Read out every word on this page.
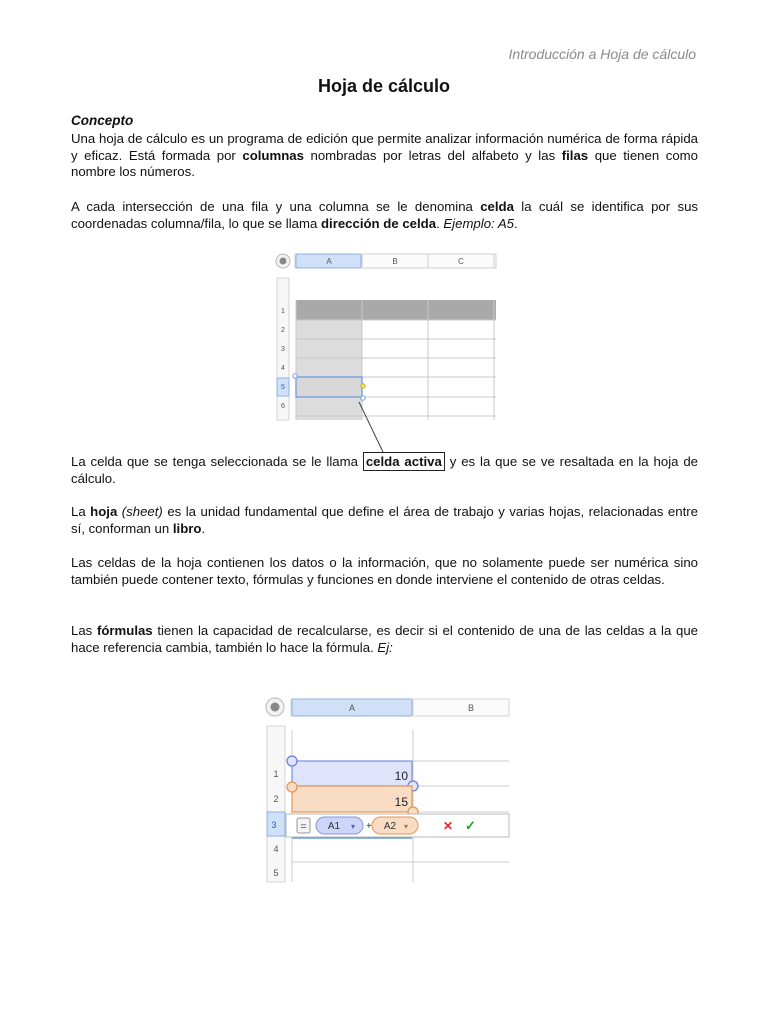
Introducción a Hoja de cálculo
Hoja de cálculo
Concepto

Una hoja de cálculo es un programa de edición que permite analizar información numérica de forma rápida y eficaz. Está formada por columnas nombradas por letras del alfabeto y las filas que tienen como nombre los números.

A cada intersección de una fila y una columna se le denomina celda la cuál se identifica por sus coordenadas columna/fila, lo que se llama dirección de celda. Ejemplo: A5.

A	B	C
1
2
3
4
5
6

La celda que se tenga seleccionada se le llama celda activa y es la que se ve resaltada en la hoja de cálculo.

La hoja (sheet) es la unidad fundamental que define el área de trabajo y varias hojas, relacionadas entre sí, conforman un libro.

Las celdas de la hoja contienen los datos o la información, que no solamente puede ser numérica sino también puede contener texto, fórmulas y funciones en donde interviene el contenido de otras celdas.

Las fórmulas tienen la capacidad de recalcularse, es decir si el contenido de una de las celdas a la que hace referencia cambia, también lo hace la fórmula. Ej:

A	B
1
2
3
4
5
10
15
= A1 ▾ + A2 ▾	✕ ✓
